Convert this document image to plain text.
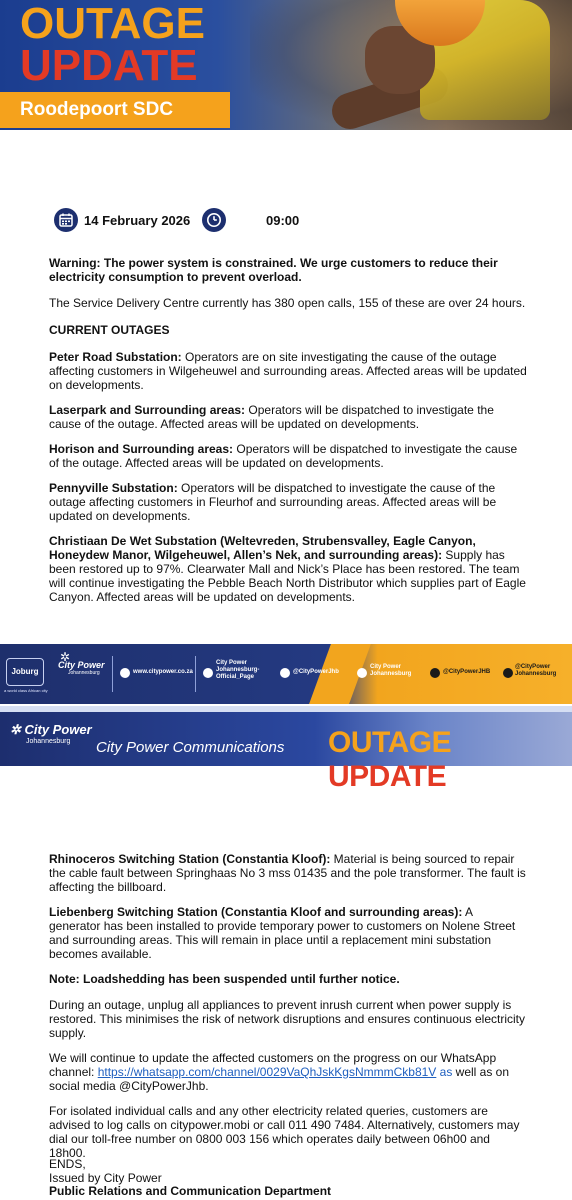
OUTAGE
UPDATE
Roodepoort SDC
14 February 2026	09:00
Warning: The power system is constrained. We urge customers to reduce their electricity consumption to prevent overload.
The Service Delivery Centre currently has 380 open calls, 155 of these are over 24 hours.
CURRENT OUTAGES
Peter Road Substation: Operators are on site investigating the cause of the outage affecting customers in Wilgeheuwel and surrounding areas. Affected areas will be updated on developments.
Laserpark and Surrounding areas: Operators will be dispatched to investigate the cause of the outage. Affected areas will be updated on developments.
Horison and Surrounding areas: Operators will be dispatched to investigate the cause of the outage. Affected areas will be updated on developments.
Pennyville Substation: Operators will be dispatched to investigate the cause of the outage affecting customers in Fleurhof and surrounding areas. Affected areas will be updated on developments.
Christiaan De Wet Substation (Weltevreden, Strubensvalley, Eagle Canyon, Honeydew Manor, Wilgeheuwel, Allen’s Nek, and surrounding areas): Supply has been restored up to 97%. Clearwater Mall and Nick’s Place has been restored. The team will continue investigating the Pebble Beach North Distributor which supplies part of Eagle Canyon. Affected areas will be updated on developments.
Joburg
a world class African city
✲
City Power
Johannesburg	www.citypower.co.za
City Power Johannesburg- Official_Page
@CityPowerJhb
City Power Johannesburg	@CityPowerJHB
@CityPower Johannesburg
✲ City Power
Johannesburg	City Power Communications OUTAGE UPDATE
Rhinoceros Switching Station (Constantia Kloof): Material is being sourced to repair the cable fault between Springhaas No 3 mss 01435 and the pole transformer. The fault is affecting the billboard.
Liebenberg Switching Station (Constantia Kloof and surrounding areas): A generator has been installed to provide temporary power to customers on Nolene Street and surrounding areas. This will remain in place until a replacement mini substation becomes available.
Note: Loadshedding has been suspended until further notice.
During an outage, unplug all appliances to prevent inrush current when power supply is restored. This minimises the risk of network disruptions and ensures continuous electricity supply.
We will continue to update the affected customers on the progress on our WhatsApp channel: https://whatsapp.com/channel/0029VaQhJskKgsNmmmCkb81V as well as on social media @CityPowerJhb.
For isolated individual calls and any other electricity related queries, customers are advised to log calls on citypower.mobi or call 011 490 7484. Alternatively, customers may dial our toll-free number on 0800 003 156 which operates daily between 06h00 and 18h00.
ENDS,
Issued by City Power
Public Relations and Communication Department
